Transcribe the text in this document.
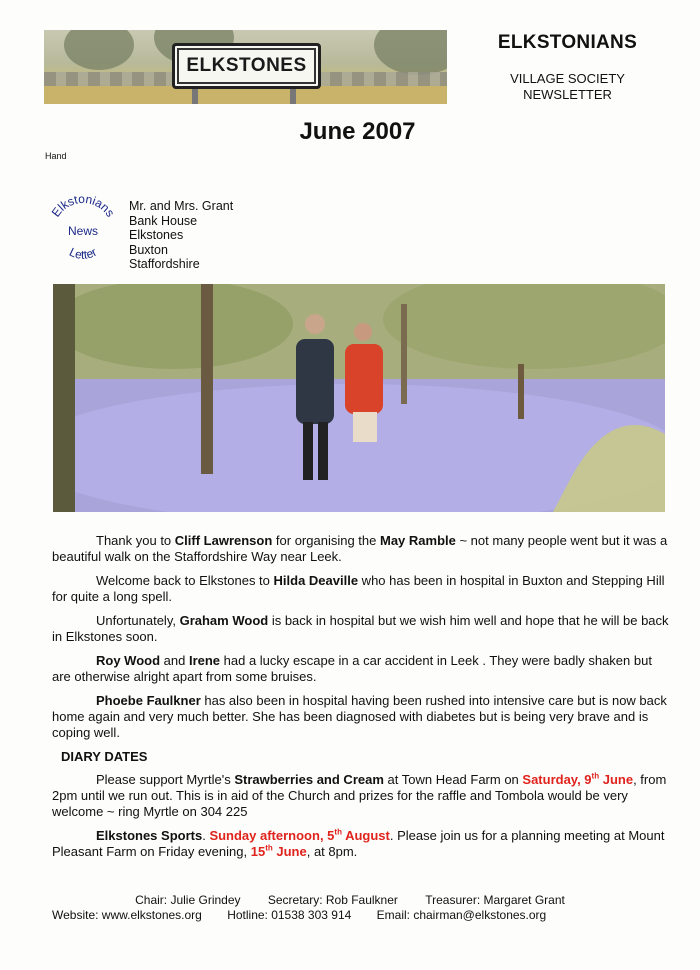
ELKSTONES
ELKSTONIANS
VILLAGE SOCIETY
NEWSLETTER
June 2007
Hand
Elkstonians
News
Letter
Mr. and Mrs. Grant
Bank House
Elkstones
Buxton
Staffordshire

Thank you to Cliff Lawrenson for organising the May Ramble ~ not many people went but it was a beautiful walk on the Staffordshire Way near Leek.

Welcome back to Elkstones to Hilda Deaville who has been in hospital in Buxton and Stepping Hill for quite a long spell.

Unfortunately, Graham Wood is back in hospital but we wish him well and hope that he will be back in Elkstones soon.

Roy Wood and Irene had a lucky escape in a car accident in Leek . They were badly shaken but are otherwise alright apart from some bruises.

Phoebe Faulkner has also been in hospital having been rushed into intensive care but is now back home again and very much better. She has been diagnosed with diabetes but is being very brave and is coping well.

DIARY DATES

Please support Myrtle's Strawberries and Cream at Town Head Farm on Saturday, 9th June, from 2pm until we run out. This is in aid of the Church and prizes for the raffle and Tombola would be very welcome ~ ring Myrtle on 304 225

Elkstones Sports. Sunday afternoon, 5th August. Please join us for a planning meeting at Mount Pleasant Farm on Friday evening, 15th June, at 8pm.

Chair: Julie Grindey Secretary: Rob Faulkner Treasurer: Margaret Grant
Website: www.elkstones.org Hotline: 01538 303 914 Email: chairman@elkstones.org
